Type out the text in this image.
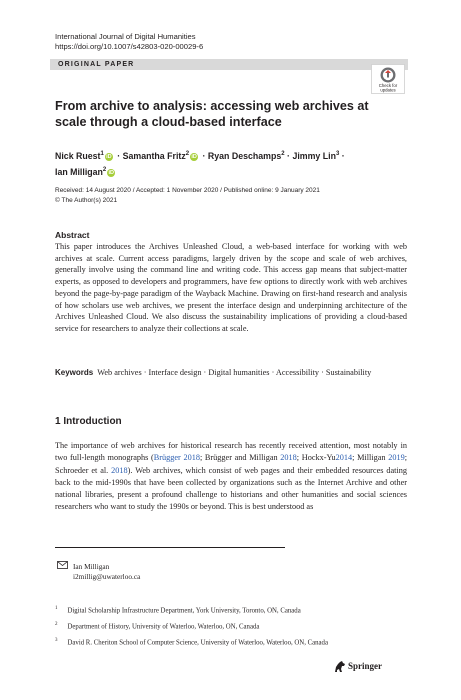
International Journal of Digital Humanities
https://doi.org/10.1007/s42803-020-00029-6
ORIGINAL PAPER
Check for
updates
From archive to analysis: accessing web archives at scale through a cloud-based interface
Nick Ruest$^1$ iD · Samantha Fritz$^2$ iD · Ryan Deschamps$^2$ · Jimmy Lin$^3$ ·
Ian Milligan$^2$ iD
Received: 14 August 2020 / Accepted: 1 November 2020 / Published online: 9 January 2021
© The Author(s) 2021
Abstract
This paper introduces the Archives Unleashed Cloud, a web-based interface for working with web archives at scale. Current access paradigms, largely driven by the scope and scale of web archives, generally involve using the command line and writing code. This access gap means that subject-matter experts, as opposed to developers and programmers, have few options to directly work with web archives beyond the page-by-page paradigm of the Wayback Machine. Drawing on first-hand research and analysis of how scholars use web archives, we present the interface design and underpinning architecture of the Archives Unleashed Cloud. We also discuss the sustainability implications of providing a cloud-based service for researchers to analyze their collections at scale.
Keywords Web archives · Interface design · Digital humanities · Accessibility · Sustainability
1 Introduction
The importance of web archives for historical research has recently received attention, most notably in two full-length monographs (Brügger 2018; Brügger and Milligan 2018; Hockx-Yu2014; Milligan 2019; Schroeder et al. 2018). Web archives, which consist of web pages and their embedded resources dating back to the mid-1990s that have been collected by organizations such as the Internet Archive and other national libraries, present a profound challenge to historians and other humanities and social sciences researchers who want to study the 1990s or beyond. This is best understood as
Ian Milligan
i2millig@uwaterloo.ca
$^1$ Digital Scholarship Infrastructure Department, York University, Toronto, ON, Canada
$^2$ Department of History, University of Waterloo, Waterloo, ON, Canada
$^3$ David R. Cheriton School of Computer Science, University of Waterloo, Waterloo, ON, Canada
Springer
